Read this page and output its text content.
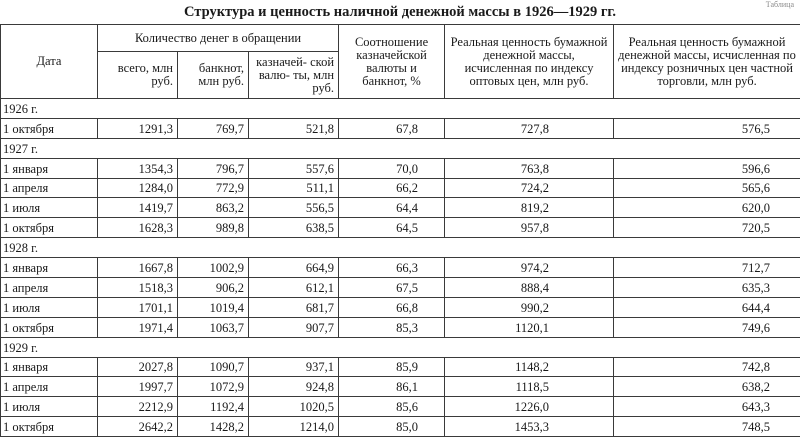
Структура и ценность наличной денежной массы в 1926—1929 гг.	Таблица
Дата	Количество денег в обращении			Соотношение казначейской валюты и банкнот, %	Реальная ценность бумажной денежной массы, исчисленная по индексу оптовых цен, млн руб.	Реальная ценность бумажной денежной массы, исчисленная по индексу розничных цен частной торговли, млн руб.
	всего, млн руб.	банкнот, млн руб.	казначей- ской валю- ты, млн руб.			
1926 г.						
1 октября	1291,3	769,7	521,8	67,8	727,8	576,5
1927 г.						
1 января	1354,3	796,7	557,6	70,0	763,8	596,6
1 апреля	1284,0	772,9	511,1	66,2	724,2	565,6
1 июля	1419,7	863,2	556,5	64,4	819,2	620,0
1 октября	1628,3	989,8	638,5	64,5	957,8	720,5
1928 г.						
1 января	1667,8	1002,9	664,9	66,3	974,2	712,7
1 апреля	1518,3	906,2	612,1	67,5	888,4	635,3
1 июля	1701,1	1019,4	681,7	66,8	990,2	644,4
1 октября	1971,4	1063,7	907,7	85,3	1120,1	749,6
1929 г.						
1 января	2027,8	1090,7	937,1	85,9	1148,2	742,8
1 апреля	1997,7	1072,9	924,8	86,1	1118,5	638,2
1 июля	2212,9	1192,4	1020,5	85,6	1226,0	643,3
1 октября	2642,2	1428,2	1214,0	85,0	1453,3	748,5
